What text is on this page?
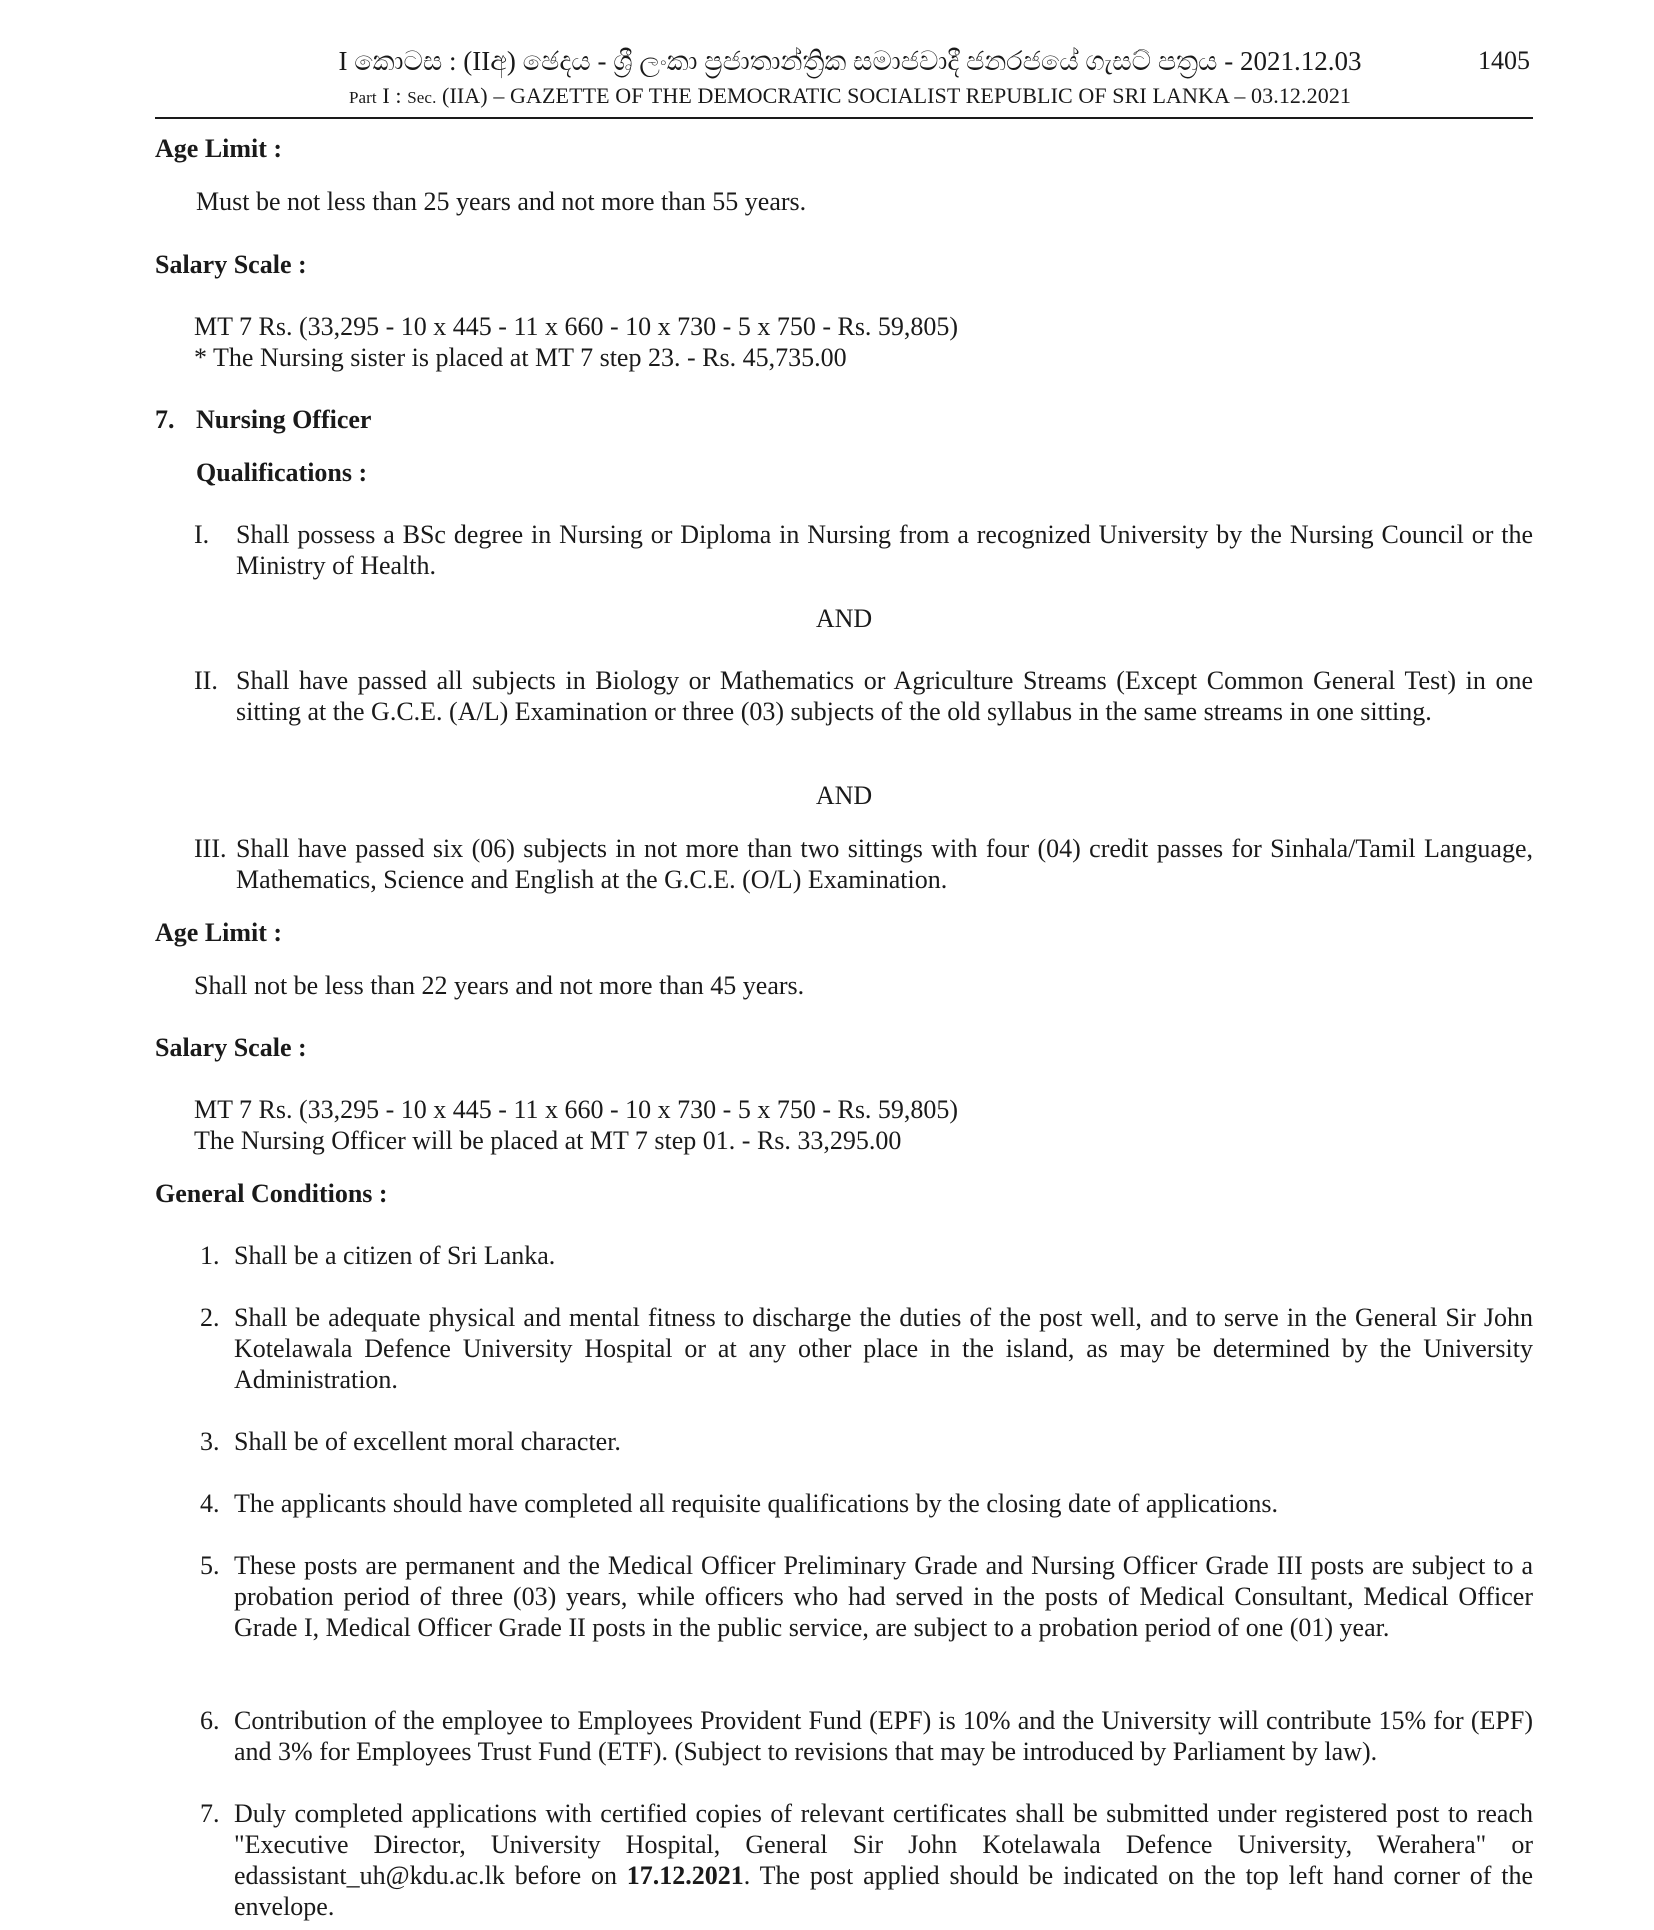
I කොටස : (IIඅ) ඡෙදය - ශ්‍රී ලංකා ප්‍රජාතාන්ත්‍රික සමාජවාදී ජනරජයේ ගැසට් පත්‍රය - 2021.12.03	1405
Part I : Sec. (IIA) – GAZETTE OF THE DEMOCRATIC SOCIALIST REPUBLIC OF SRI LANKA – 03.12.2021
Age Limit :
Must be not less than 25 years and not more than 55 years.
Salary Scale :
MT 7 Rs. (33,295 - 10 x 445 - 11 x 660 - 10 x 730 - 5 x 750 - Rs. 59,805)
* The Nursing sister is placed at MT 7 step 23. - Rs. 45,735.00
7. Nursing Officer
Qualifications :
I. Shall possess a BSc degree in Nursing or Diploma in Nursing from a recognized University by the Nursing Council or the Ministry of Health.
AND
II. Shall have passed all subjects in Biology or Mathematics or Agriculture Streams (Except Common General Test) in one sitting at the G.C.E. (A/L) Examination or three (03) subjects of the old syllabus in the same streams in one sitting.
AND
III. Shall have passed six (06) subjects in not more than two sittings with four (04) credit passes for Sinhala/Tamil Language, Mathematics, Science and English at the G.C.E. (O/L) Examination.
Age Limit :
Shall not be less than 22 years and not more than 45 years.
Salary Scale :
MT 7 Rs. (33,295 - 10 x 445 - 11 x 660 - 10 x 730 - 5 x 750 - Rs. 59,805)
The Nursing Officer will be placed at MT 7 step 01. - Rs. 33,295.00
General Conditions :
1. Shall be a citizen of Sri Lanka.
2. Shall be adequate physical and mental fitness to discharge the duties of the post well, and to serve in the General Sir John Kotelawala Defence University Hospital or at any other place in the island, as may be determined by the University Administration.
3. Shall be of excellent moral character.
4. The applicants should have completed all requisite qualifications by the closing date of applications.
5. These posts are permanent and the Medical Officer Preliminary Grade and Nursing Officer Grade III posts are subject to a probation period of three (03) years, while officers who had served in the posts of Medical Consultant, Medical Officer Grade I, Medical Officer Grade II posts in the public service, are subject to a probation period of one (01) year.
6. Contribution of the employee to Employees Provident Fund (EPF) is 10% and the University will contribute 15% for (EPF) and 3% for Employees Trust Fund (ETF). (Subject to revisions that may be introduced by Parliament by law).
7. Duly completed applications with certified copies of relevant certificates shall be submitted under registered post to reach "Executive Director, University Hospital, General Sir John Kotelawala Defence University, Werahera" or edassistant_uh@kdu.ac.lk before on 17.12.2021. The post applied should be indicated on the top left hand corner of the envelope.
